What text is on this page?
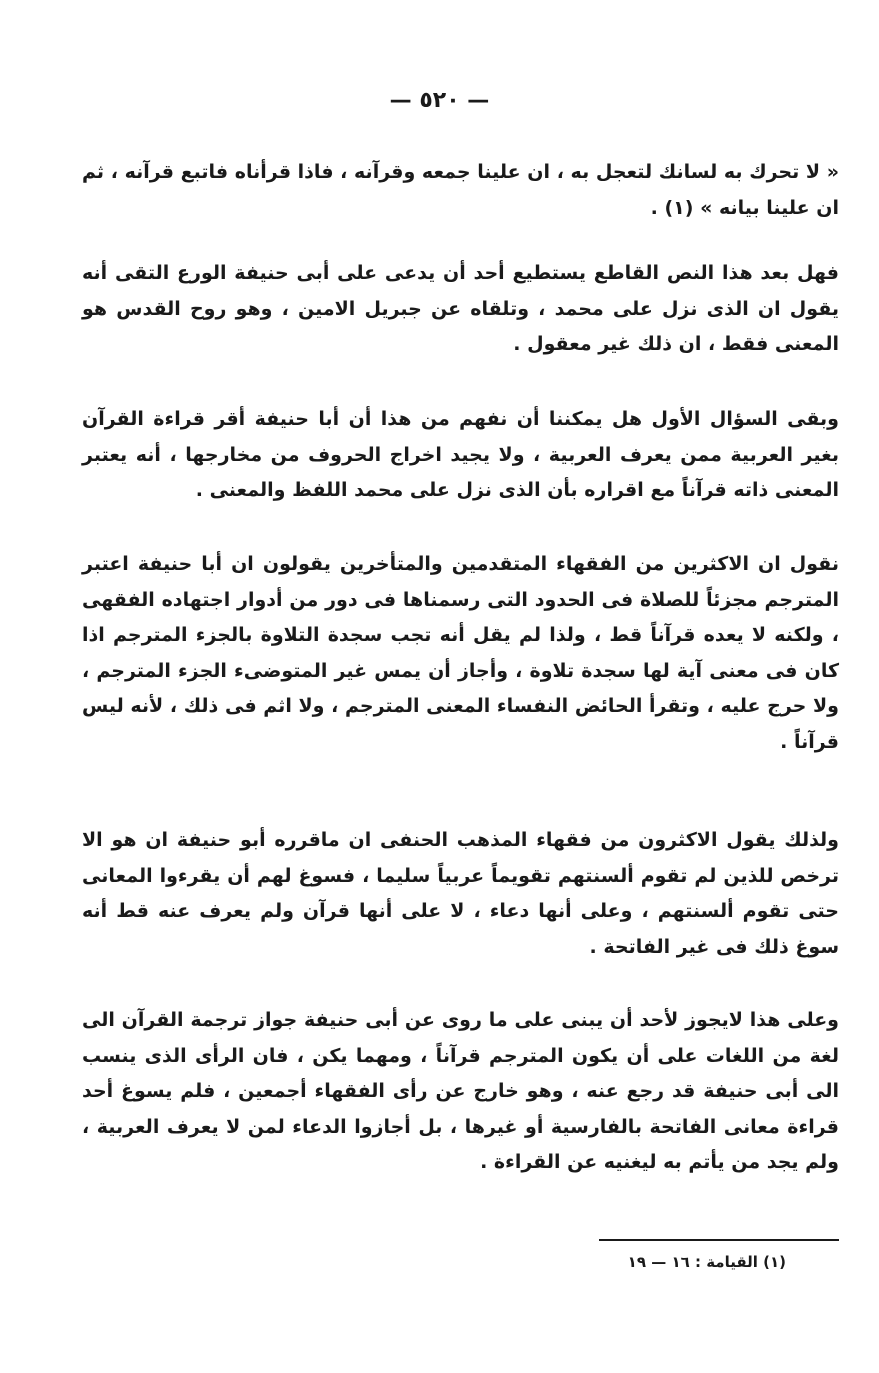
— ٥٢٠ —

« لا تحرك به لسانك لتعجل به ، ان علينا جمعه وقرآنه ، فاذا قرأناه فاتبع قرآنه ، ثم ان علينا بيانه » (١) .

فهل بعد هذا النص القاطع يستطيع أحد أن يدعى على أبى حنيفة الورع التقى أنه يقول ان الذى نزل على محمد ، وتلقاه عن جبريل الامين ، وهو روح القدس هو المعنى فقط ، ان ذلك غير معقول .

وبقى السؤال الأول هل يمكننا أن نفهم من هذا أن أبا حنيفة أقر قراءة القرآن بغير العربية ممن يعرف العربية ، ولا يجيد اخراج الحروف من مخارجها ، أنه يعتبر المعنى ذاته قرآناً مع اقراره بأن الذى نزل على محمد اللفظ والمعنى .

نقول ان الاكثرين من الفقهاء المتقدمين والمتأخرين يقولون ان أبا حنيفة اعتبر المترجم مجزئاً للصلاة فى الحدود التى رسمناها فى دور من أدوار اجتهاده الفقهى ، ولكنه لا يعده قرآناً قط ، ولذا لم يقل أنه تجب سجدة التلاوة بالجزء المترجم اذا كان فى معنى آية لها سجدة تلاوة ، وأجاز أن يمس غير المتوضىء الجزء المترجم ، ولا حرج عليه ، وتقرأ الحائض النفساء المعنى المترجم ، ولا اثم فى ذلك ، لأنه ليس قرآناً .

ولذلك يقول الاكثرون من فقهاء المذهب الحنفى ان ماقرره أبو حنيفة ان هو الا ترخص للذين لم تقوم ألسنتهم تقويماً عربياً سليما ، فسوغ لهم أن يقرءوا المعانى حتى تقوم ألسنتهم ، وعلى أنها دعاء ، لا على أنها قرآن ولم يعرف عنه قط أنه سوغ ذلك فى غير الفاتحة .

وعلى هذا لايجوز لأحد أن يبنى على ما روى عن أبى حنيفة جواز ترجمة القرآن الى لغة من اللغات على أن يكون المترجم قرآناً ، ومهما يكن ، فان الرأى الذى ينسب الى أبى حنيفة قد رجع عنه ، وهو خارج عن رأى الفقهاء أجمعين ، فلم يسوغ أحد قراءة معانى الفاتحة بالفارسية أو غيرها ، بل أجازوا الدعاء لمن لا يعرف العربية ، ولم يجد من يأتم به ليغنيه عن القراءة .

(١) القيامة : ١٦ — ١٩
